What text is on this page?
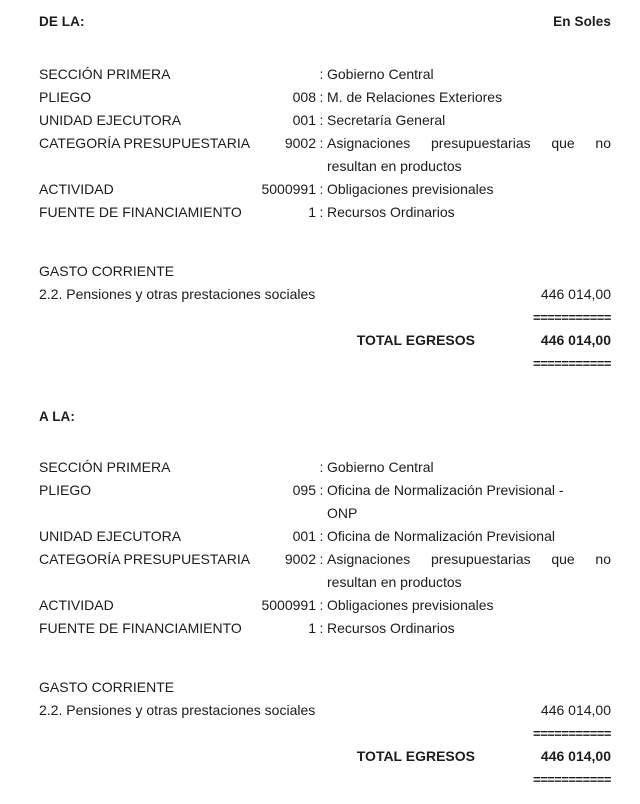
DE LA:	En Soles
SECCIÓN PRIMERA	: Gobierno Central
PLIEGO	008 : M. de Relaciones Exteriores
UNIDAD EJECUTORA	001 : Secretaría General
CATEGORÍA PRESUPUESTARIA	9002 : Asignaciones presupuestarias que no
resultan en productos
ACTIVIDAD	5000991 : Obligaciones previsionales
FUENTE DE FINANCIAMIENTO	1 : Recursos Ordinarios
GASTO CORRIENTE
2.2. Pensiones y otras prestaciones sociales	446 014,00
===========
TOTAL EGRESOS	446 014,00
===========
A LA:
SECCIÓN PRIMERA	: Gobierno Central
PLIEGO	095 : Oficina de Normalización Previsional -
ONP
UNIDAD EJECUTORA	001 : Oficina de Normalización Previsional
CATEGORÍA PRESUPUESTARIA	9002 : Asignaciones presupuestarias que no
resultan en productos
ACTIVIDAD	5000991 : Obligaciones previsionales
FUENTE DE FINANCIAMIENTO	1 : Recursos Ordinarios
GASTO CORRIENTE
2.2. Pensiones y otras prestaciones sociales	446 014,00
===========
TOTAL EGRESOS	446 014,00
===========
